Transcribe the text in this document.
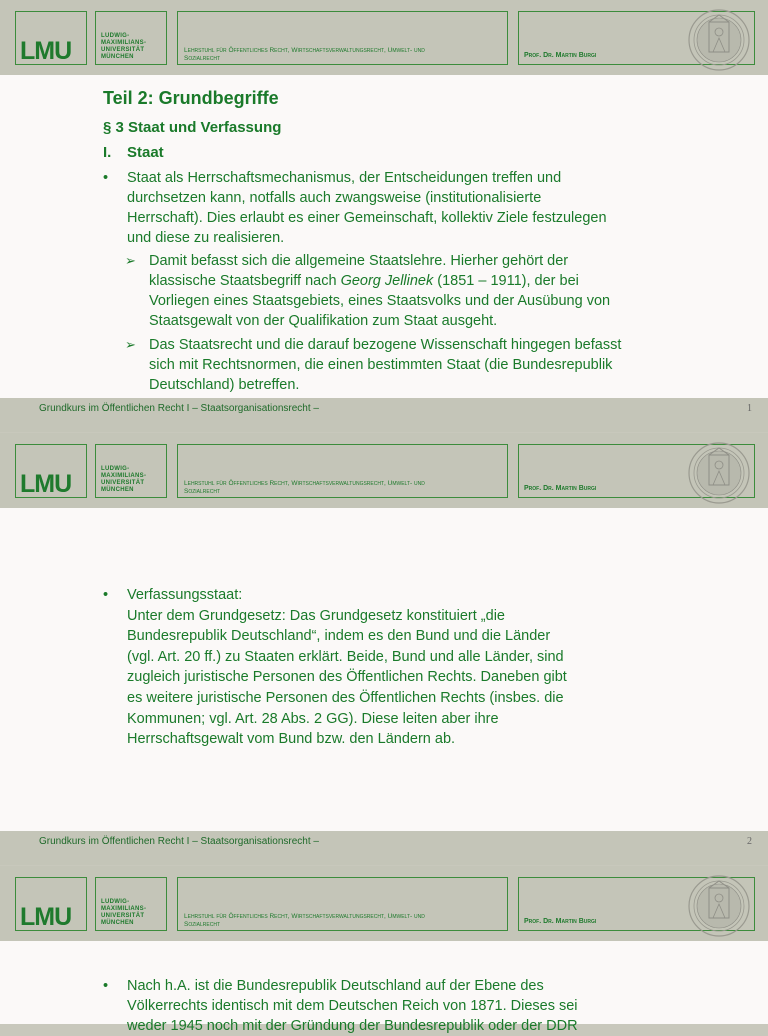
LMU
LUDWIG-
MAXIMILIANS-
UNIVERSITÄT
MÜNCHEN
Lehrstuhl für Öffentliches Recht, Wirtschaftsverwaltungsrecht, Umwelt- und
Sozialrecht	Prof. Dr. Martin Burgi
Teil 2: Grundbegriffe
§ 3 Staat und Verfassung
I. Staat
• Staat als Herrschaftsmechanismus, der Entscheidungen treffen und
durchsetzen kann, notfalls auch zwangsweise (institutionalisierte
Herrschaft). Dies erlaubt es einer Gemeinschaft, kollektiv Ziele festzulegen
und diese zu realisieren.
➢ Damit befasst sich die allgemeine Staatslehre. Hierher gehört der
klassische Staatsbegriff nach Georg Jellinek (1851 – 1911), der bei
Vorliegen eines Staatsgebiets, eines Staatsvolks und der Ausübung von
Staatsgewalt von der Qualifikation zum Staat ausgeht.
➢ Das Staatsrecht und die darauf bezogene Wissenschaft hingegen befasst
sich mit Rechtsnormen, die einen bestimmten Staat (die Bundesrepublik
Deutschland) betreffen.
Grundkurs im Öffentlichen Recht I – Staatsorganisationsrecht –	1
LMU
LUDWIG-
MAXIMILIANS-
UNIVERSITÄT
MÜNCHEN
Lehrstuhl für Öffentliches Recht, Wirtschaftsverwaltungsrecht, Umwelt- und
Sozialrecht	Prof. Dr. Martin Burgi
• Verfassungsstaat:
Unter dem Grundgesetz: Das Grundgesetz konstituiert „die
Bundesrepublik Deutschland“, indem es den Bund und die Länder
(vgl. Art. 20 ff.) zu Staaten erklärt. Beide, Bund und alle Länder, sind
zugleich juristische Personen des Öffentlichen Rechts. Daneben gibt
es weitere juristische Personen des Öffentlichen Rechts (insbes. die
Kommunen; vgl. Art. 28 Abs. 2 GG). Diese leiten aber ihre
Herrschaftsgewalt vom Bund bzw. den Ländern ab.
Grundkurs im Öffentlichen Recht I – Staatsorganisationsrecht –	2
LMU
LUDWIG-
MAXIMILIANS-
UNIVERSITÄT
MÜNCHEN
Lehrstuhl für Öffentliches Recht, Wirtschaftsverwaltungsrecht, Umwelt- und
Sozialrecht	Prof. Dr. Martin Burgi
• Nach h.A. ist die Bundesrepublik Deutschland auf der Ebene des
Völkerrechts identisch mit dem Deutschen Reich von 1871. Dieses sei
weder 1945 noch mit der Gründung der Bundesrepublik oder der DDR
